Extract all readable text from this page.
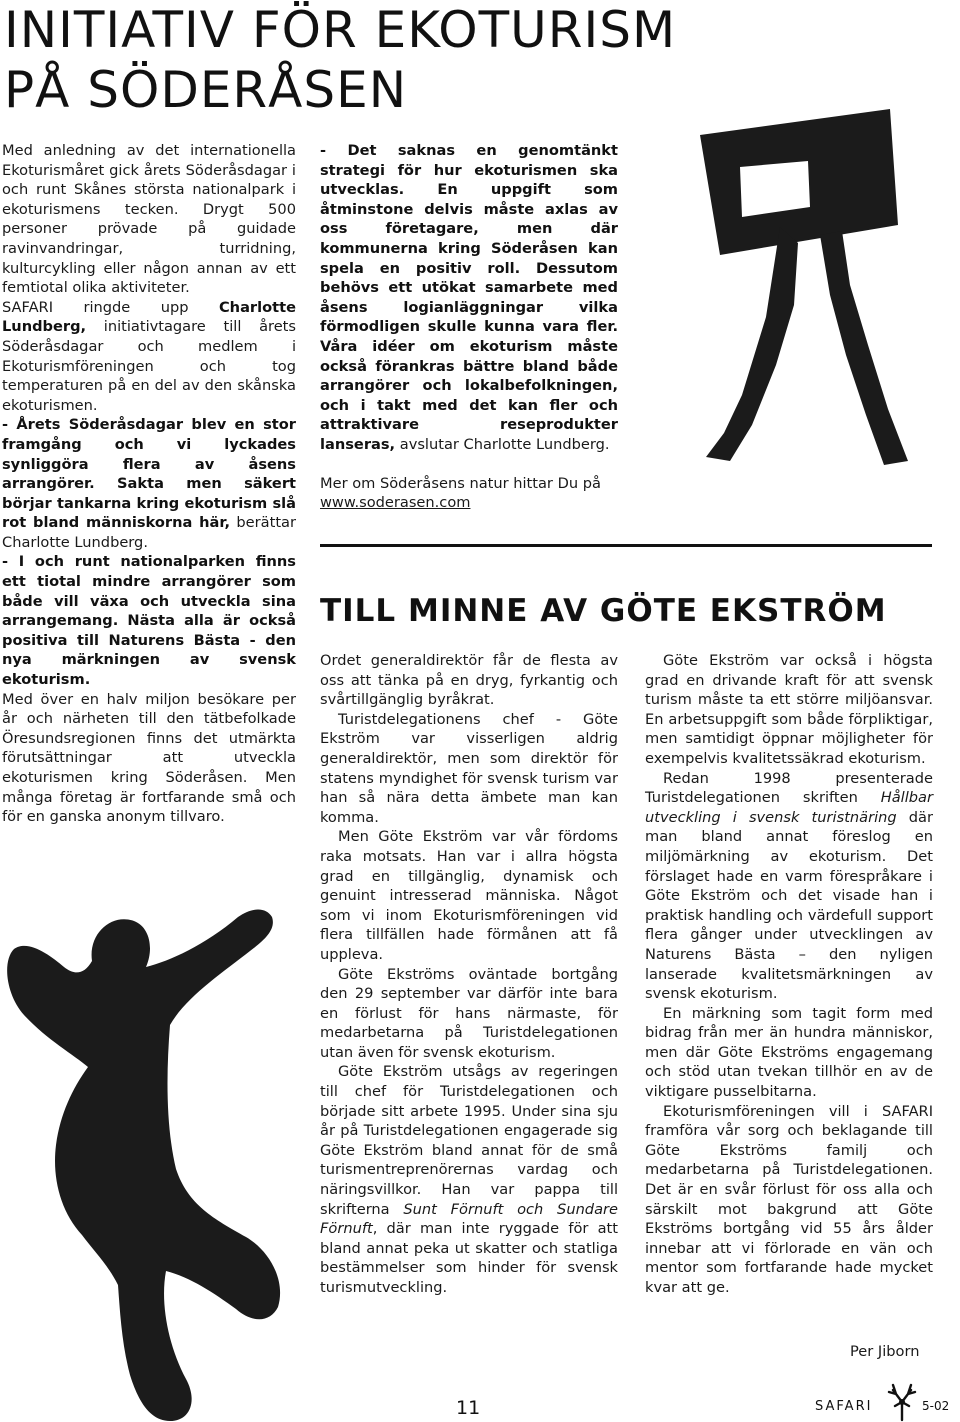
INITIATIV FÖR EKOTURISM
PÅ SÖDERÅSEN

Med anledning av det internationella Ekoturismåret gick årets Söderåsdagar i och runt Skånes största nationalpark i ekoturismens tecken. Drygt 500 personer prövade på guidade ravinvandringar, turridning, kulturcykling eller någon annan av ett femtiotal olika aktiviteter.

SAFARI ringde upp Charlotte Lundberg, initiativtagare till årets Söderåsdagar och medlem i Ekoturismföreningen och tog temperaturen på en del av den skånska ekoturismen.

- Årets Söderåsdagar blev en stor framgång och vi lyckades synliggöra flera av åsens arrangörer. Sakta men säkert börjar tankarna kring ekoturism slå rot bland människorna här, berättar Charlotte Lundberg.

- I och runt nationalparken finns ett tiotal mindre arrangörer som både vill växa och utveckla sina arrangemang. Nästa alla är också positiva till Naturens Bästa - den nya märkningen av svensk ekoturism.

Med över en halv miljon besökare per år och närheten till den tätbefolkade Öresundsregionen finns det utmärkta förutsättningar att utveckla ekoturismen kring Söderåsen. Men många företag är fortfarande små och för en ganska anonym tillvaro.

- Det saknas en genomtänkt strategi för hur ekoturismen ska utvecklas. En uppgift som åtminstone delvis måste axlas av oss företagare, men där kommunerna kring Söderåsen kan spela en positiv roll. Dessutom behövs ett utökat samarbete med åsens logianläggningar vilka förmodligen skulle kunna vara fler. Våra idéer om ekoturism måste också förankras bättre bland både arrangörer och lokalbefolkningen, och i takt med det kan fler och attraktivare reseprodukter lanseras, avslutar Charlotte Lundberg.

Mer om Söderåsens natur hittar Du på www.soderasen.com

TILL MINNE AV GÖTE EKSTRÖM

Ordet generaldirektör får de flesta av oss att tänka på en dryg, fyrkantig och svårtillgänglig byråkrat.

Turistdelegationens chef - Göte Ekström var visserligen aldrig generaldirektör, men som direktör för statens myndighet för svensk turism var han så nära detta ämbete man kan komma.

Men Göte Ekström var vår fördoms raka motsats. Han var i allra högsta grad en tillgänglig, dynamisk och genuint intresserad människa. Något som vi inom Ekoturismföreningen vid flera tillfällen hade förmånen att få uppleva.

Göte Ekströms oväntade bortgång den 29 september var därför inte bara en förlust för hans närmaste, för medarbetarna på Turistdelegationen utan även för svensk ekoturism.

Göte Ekström utsågs av regeringen till chef för Turistdelegationen och började sitt arbete 1995. Under sina sju år på Turistdelegationen engagerade sig Göte Ekström bland annat för de små turismentreprenörernas vardag och näringsvillkor. Han var pappa till skrifterna Sunt Förnuft och Sundare Förnuft, där man inte ryggade för att bland annat peka ut skatter och statliga bestämmelser som hinder för svensk turismutveckling.

Göte Ekström var också i högsta grad en drivande kraft för att svensk turism måste ta ett större miljöansvar. En arbetsuppgift som både förpliktigar, men samtidigt öppnar möjligheter för exempelvis kvalitetssäkrad ekoturism.

Redan 1998 presenterade Turistdelegationen skriften Hållbar utveckling i svensk turistnäring där man bland annat föreslog en miljömärkning av ekoturism. Det förslaget hade en varm förespråkare i Göte Ekström och det visade han i praktisk handling och värdefull support flera gånger under utvecklingen av Naturens Bästa – den nyligen lanserade kvalitetsmärkningen av svensk ekoturism.

En märkning som tagit form med bidrag från mer än hundra människor, men där Göte Ekströms engagemang och stöd utan tvekan tillhör en av de viktigare pusselbitarna.

Ekoturismföreningen vill i SAFARI framföra vår sorg och beklagande till Göte Ekströms familj och medarbetarna på Turistdelegationen. Det är en svår förlust för oss alla och särskilt mot bakgrund att Göte Ekströms bortgång vid 55 års ålder innebar att vi förlorade en vän och mentor som fortfarande hade mycket kvar att ge.

Per Jiborn
11	SAFARI	5-02
